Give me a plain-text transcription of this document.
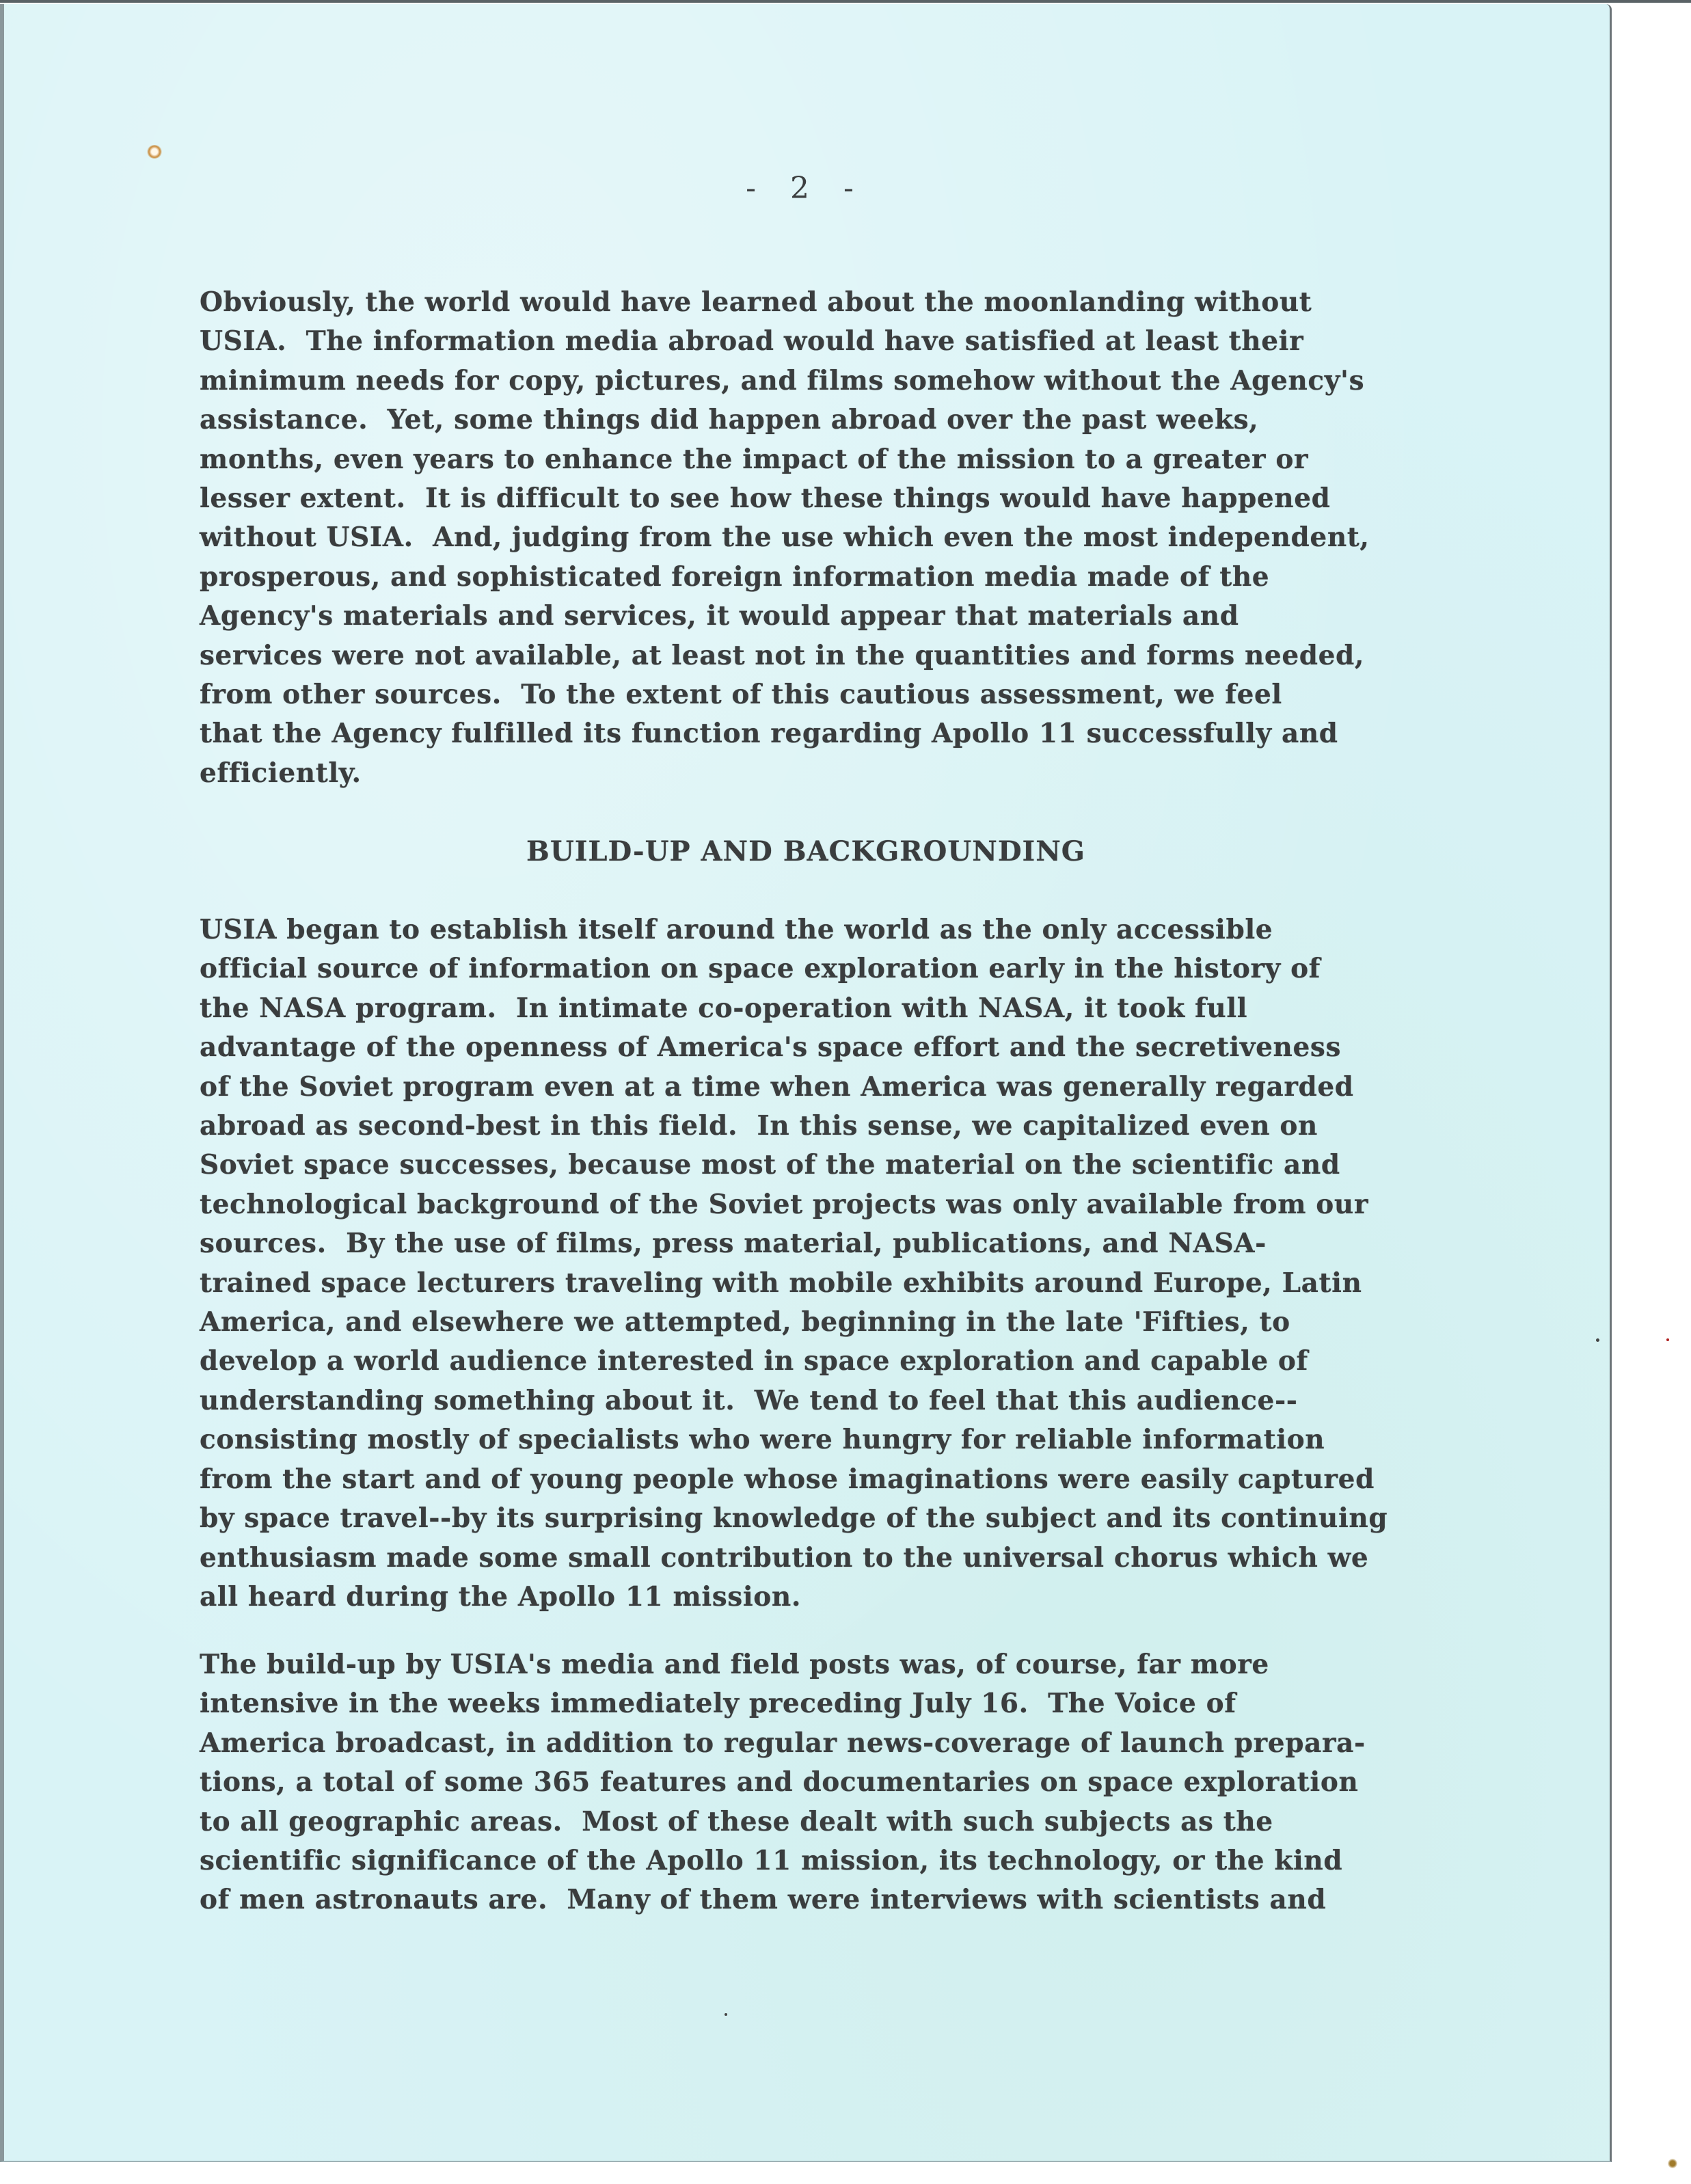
- 2 -
Obviously, the world would have learned about the moonlanding without
USIA.  The information media abroad would have satisfied at least their
minimum needs for copy, pictures, and films somehow without the Agency's
assistance.  Yet, some things did happen abroad over the past weeks,
months, even years to enhance the impact of the mission to a greater or
lesser extent.  It is difficult to see how these things would have happened
without USIA.  And, judging from the use which even the most independent,
prosperous, and sophisticated foreign information media made of the
Agency's materials and services, it would appear that materials and
services were not available, at least not in the quantities and forms needed,
from other sources.  To the extent of this cautious assessment, we feel
that the Agency fulfilled its function regarding Apollo 11 successfully and
efficiently.
BUILD-UP AND BACKGROUNDING
USIA began to establish itself around the world as the only accessible
official source of information on space exploration early in the history of
the NASA program.  In intimate co-operation with NASA, it took full
advantage of the openness of America's space effort and the secretiveness
of the Soviet program even at a time when America was generally regarded
abroad as second-best in this field.  In this sense, we capitalized even on
Soviet space successes, because most of the material on the scientific and
technological background of the Soviet projects was only available from our
sources.  By the use of films, press material, publications, and NASA-
trained space lecturers traveling with mobile exhibits around Europe, Latin
America, and elsewhere we attempted, beginning in the late 'Fifties, to
develop a world audience interested in space exploration and capable of
understanding something about it.  We tend to feel that this audience--
consisting mostly of specialists who were hungry for reliable information
from the start and of young people whose imaginations were easily captured
by space travel--by its surprising knowledge of the subject and its continuing
enthusiasm made some small contribution to the universal chorus which we
all heard during the Apollo 11 mission.
The build-up by USIA's media and field posts was, of course, far more
intensive in the weeks immediately preceding July 16.  The Voice of
America broadcast, in addition to regular news-coverage of launch prepara-
tions, a total of some 365 features and documentaries on space exploration
to all geographic areas.  Most of these dealt with such subjects as the
scientific significance of the Apollo 11 mission, its technology, or the kind
of men astronauts are.  Many of them were interviews with scientists and
